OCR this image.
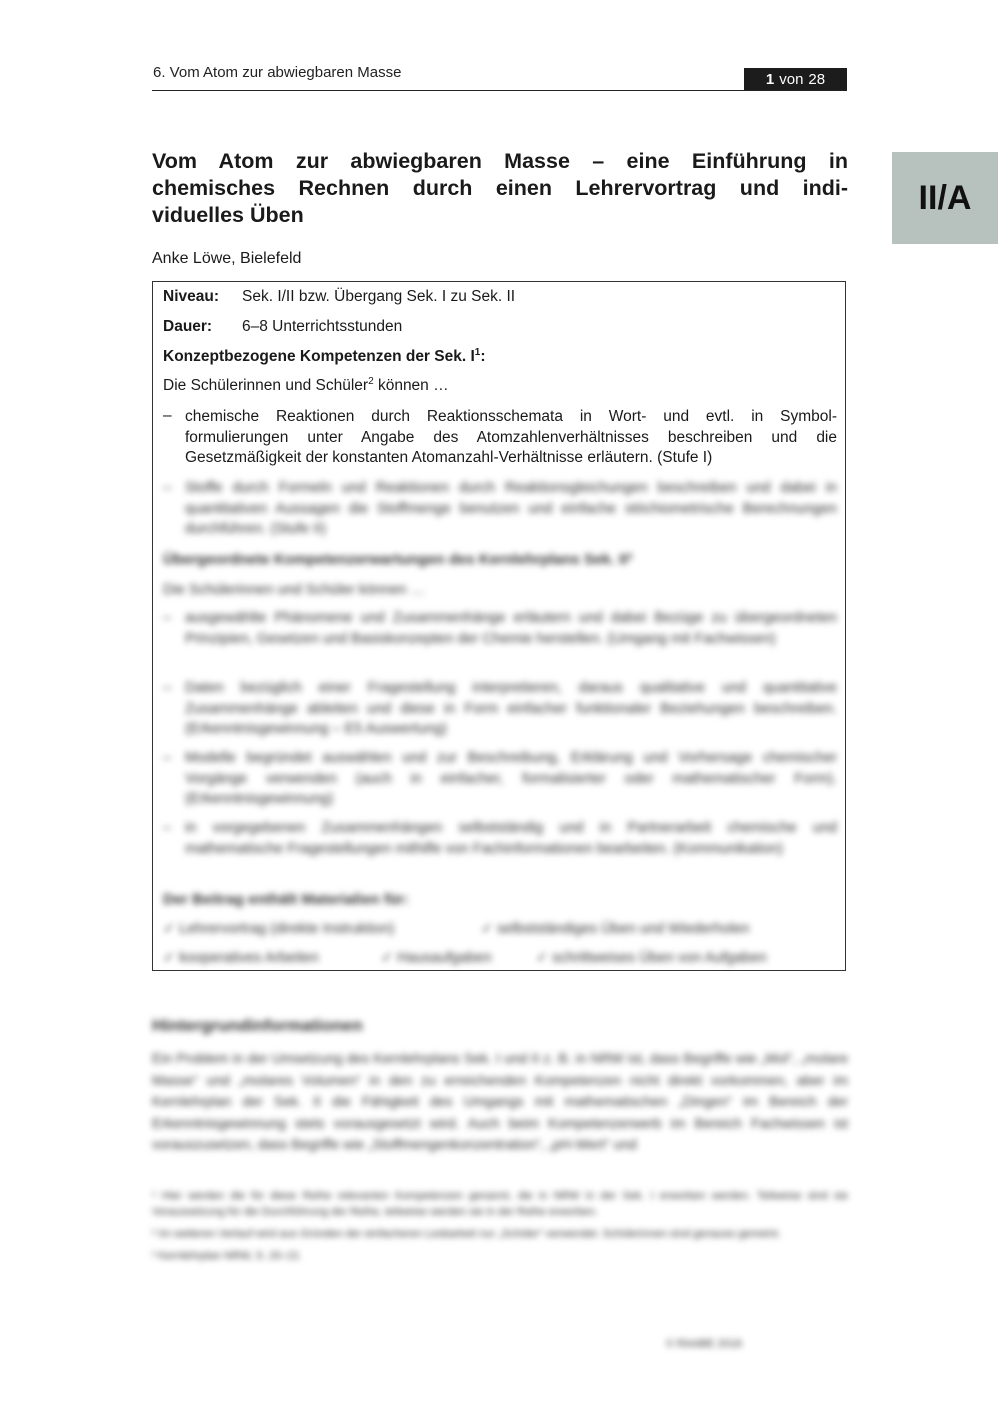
6. Vom Atom zur abwiegbaren Masse	1 von 28
II/A
Vom Atom zur abwiegbaren Masse – eine Einführung in
chemisches Rechnen durch einen Lehrervortrag und indi-
viduelles Üben
Anke Löwe, Bielefeld
Niveau: Sek. I/II bzw. Übergang Sek. I zu Sek. II
Dauer: 6–8 Unterrichtsstunden
Konzeptbezogene Kompetenzen der Sek. $I^1$:
Die Schülerinnen und Schüler$^2$ können …
– chemische Reaktionen durch Reaktionsschemata in Wort- und evtl. in Symbol-
formulierungen unter Angabe des Atomzahlenverhältnisses beschreiben und die
Gesetzmäßigkeit der konstanten Atomanzahl-Verhältnisse erläutern. (Stufe I)
– Stoffe durch Formeln und Reaktionen durch Reaktionsgleichungen beschreiben und dabei in quantitativen Aussagen die Stoffmenge benutzen und einfache stöchiometrische Berechnungen durchführen. (Stufe II)

Übergeordnete Kompetenzerwartungen des Kernlehrplans Sek. II³

Die Schülerinnen und Schüler können …

– ausgewählte Phänomene und Zusammenhänge erläutern und dabei Bezüge zu übergeordneten Prinzipien, Gesetzen und Basiskonzepten der Chemie herstellen. (Umgang mit Fachwissen)

– Daten bezüglich einer Fragestellung interpretieren, daraus qualitative und quantitative Zusammenhänge ableiten und diese in Form einfacher funktionaler Beziehungen beschreiben. (Erkenntnisgewinnung – E5 Auswertung)

– Modelle begründet auswählen und zur Beschreibung, Erklärung und Vorhersage chemischer Vorgänge verwenden (auch in einfacher, formalisierter oder mathematischer Form). (Erkenntnisgewinnung)

– in vorgegebenen Zusammenhängen selbstständig und in Partnerarbeit chemische und mathematische Fragestellungen mithilfe von Fachinformationen bearbeiten. (Kommunikation)

Der Beitrag enthält Materialien für:
✓ Lehrervortrag (direkte Instruktion)	✓ selbstständiges Üben und Wiederholen
✓ kooperatives Arbeiten	✓ Hausaufgaben	✓ schrittweises Üben von Aufgaben
Hintergrundinformationen
Ein Problem in der Umsetzung des Kernlehrplans Sek. I und II z. B. in NRW ist, dass Begriffe wie „Mol“, „molare Masse“ und „molares Volumen“ in den zu erreichenden Kompetenzen nicht direkt vorkommen, aber im Kernlehrplan der Sek. II die Fähigkeit des Umgangs mit mathematischen „Dingen“ im Bereich der Erkenntnisgewinnung stets vorausgesetzt wird. Auch beim Kompetenzerwerb im Bereich Fachwissen ist vorauszusetzen, dass Begriffe wie „Stoffmengenkonzentration“, „pH-Wert“ und

¹ Hier werden die für diese Reihe relevanten Kompetenzen genannt, die in NRW in der Sek. I erworben werden. Teilweise sind sie Voraussetzung für die Durchführung der Reihe, teilweise werden sie in der Reihe erworben.

² Im weiteren Verlauf wird aus Gründen der einfacheren Lesbarkeit nur „Schüler“ verwendet. Schülerinnen sind genauso gemeint.

³ Kernlehrplan NRW, S. 20–21

© RAABE 2016
